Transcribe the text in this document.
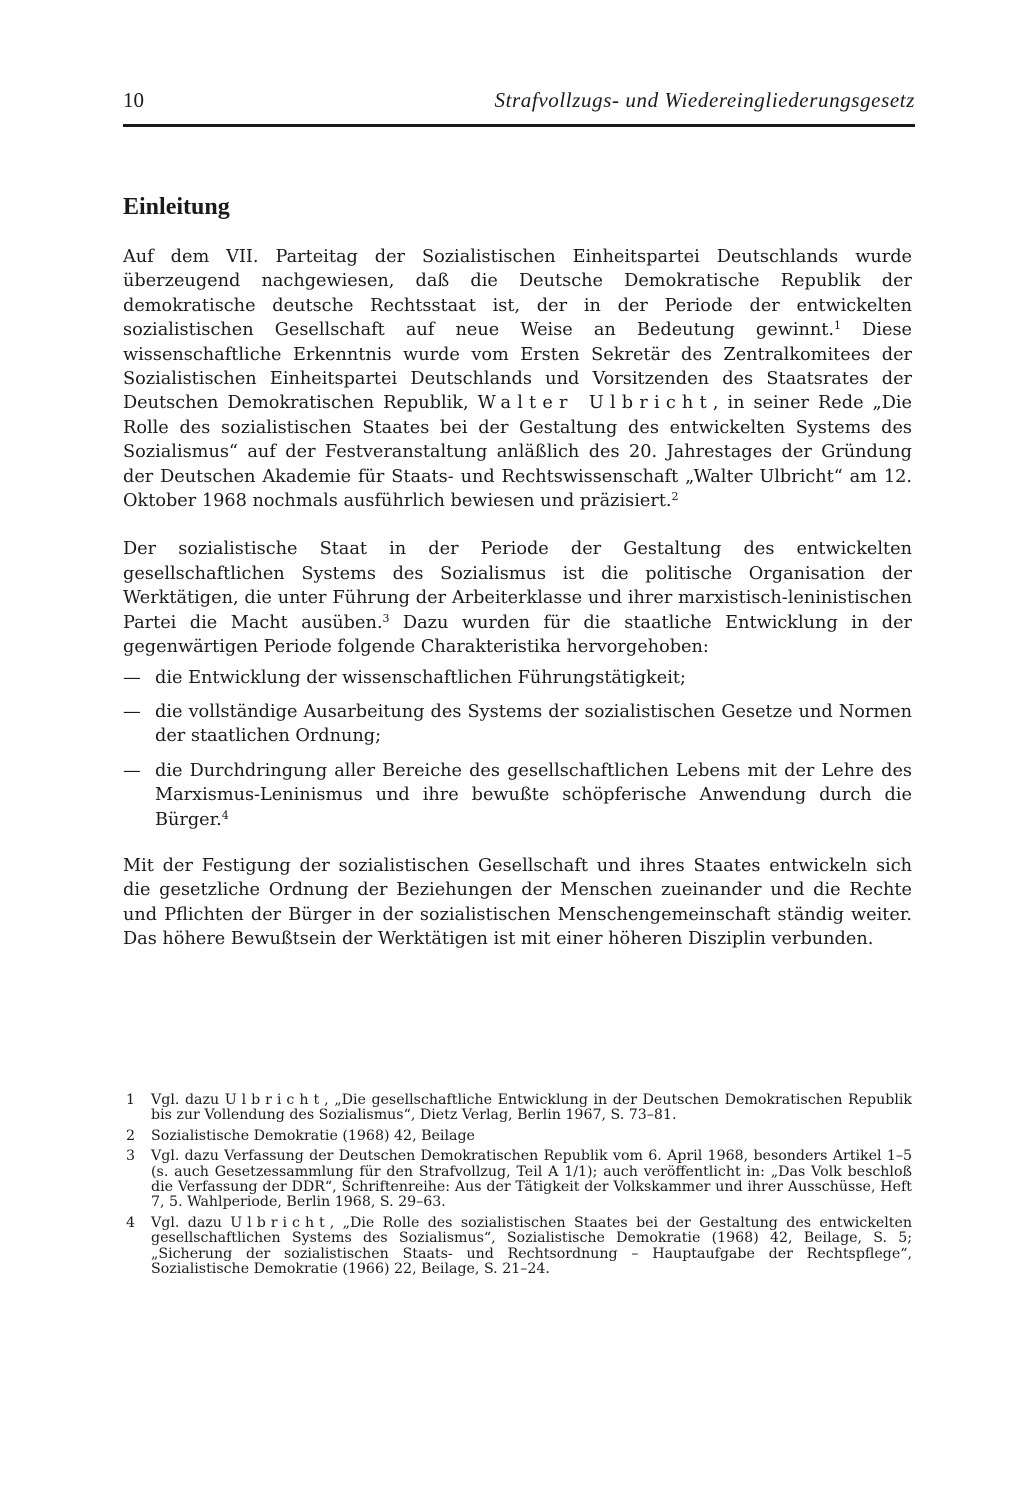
10	Strafvollzugs- und Wiedereingliederungsgesetz
Einleitung

Auf dem VII. Parteitag der Sozialistischen Einheitspartei Deutschlands wurde überzeugend nachgewiesen, daß die Deutsche Demokratische Republik der demokratische deutsche Rechtsstaat ist, der in der Periode der entwickelten sozialistischen Gesellschaft auf neue Weise an Bedeutung gewinnt.$^1$ Diese wissenschaftliche Erkenntnis wurde vom Ersten Sekretär des Zentralkomitees der Sozialistischen Einheitspartei Deutschlands und Vorsitzenden des Staatsrates der Deutschen Demokratischen Republik, Walter Ulbricht, in seiner Rede „Die Rolle des sozialistischen Staates bei der Gestaltung des entwickelten Systems des Sozialismus“ auf der Festveranstaltung anläßlich des 20. Jahrestages der Gründung der Deutschen Akademie für Staats- und Rechtswissenschaft „Walter Ulbricht“ am 12. Oktober 1968 nochmals ausführlich bewiesen und präzisiert.$^2$

Der sozialistische Staat in der Periode der Gestaltung des entwickelten gesellschaftlichen Systems des Sozialismus ist die politische Organisation der Werktätigen, die unter Führung der Arbeiterklasse und ihrer marxistisch-leninistischen Partei die Macht ausüben.$^3$ Dazu wurden für die staatliche Entwicklung in der gegenwärtigen Periode folgende Charakteristika hervorgehoben:

— die Entwicklung der wissenschaftlichen Führungstätigkeit;
— die vollständige Ausarbeitung des Systems der sozialistischen Gesetze und Normen der staatlichen Ordnung;
— die Durchdringung aller Bereiche des gesellschaftlichen Lebens mit der Lehre des Marxismus-Leninismus und ihre bewußte schöpferische Anwendung durch die Bürger.$^4$

Mit der Festigung der sozialistischen Gesellschaft und ihres Staates entwickeln sich die gesetzliche Ordnung der Beziehungen der Menschen zueinander und die Rechte und Pflichten der Bürger in der sozialistischen Menschengemeinschaft ständig weiter. Das höhere Bewußtsein der Werktätigen ist mit einer höheren Disziplin verbunden.

1 Vgl. dazu Ulbricht, „Die gesellschaftliche Entwicklung in der Deutschen Demokratischen Republik bis zur Vollendung des Sozialismus“, Dietz Verlag, Berlin 1967, S. 73–81.
2 Sozialistische Demokratie (1968) 42, Beilage
3 Vgl. dazu Verfassung der Deutschen Demokratischen Republik vom 6. April 1968, besonders Artikel 1–5 (s. auch Gesetzessammlung für den Strafvollzug, Teil A 1/1); auch veröffentlicht in: „Das Volk beschloß die Verfassung der DDR“, Schriftenreihe: Aus der Tätigkeit der Volkskammer und ihrer Ausschüsse, Heft 7, 5. Wahlperiode, Berlin 1968, S. 29–63.
4 Vgl. dazu Ulbricht, „Die Rolle des sozialistischen Staates bei der Gestaltung des entwickelten gesellschaftlichen Systems des Sozialismus“, Sozialistische Demokratie (1968) 42, Beilage, S. 5; „Sicherung der sozialistischen Staats- und Rechtsordnung – Hauptaufgabe der Rechtspflege“, Sozialistische Demokratie (1966) 22, Beilage, S. 21–24.
